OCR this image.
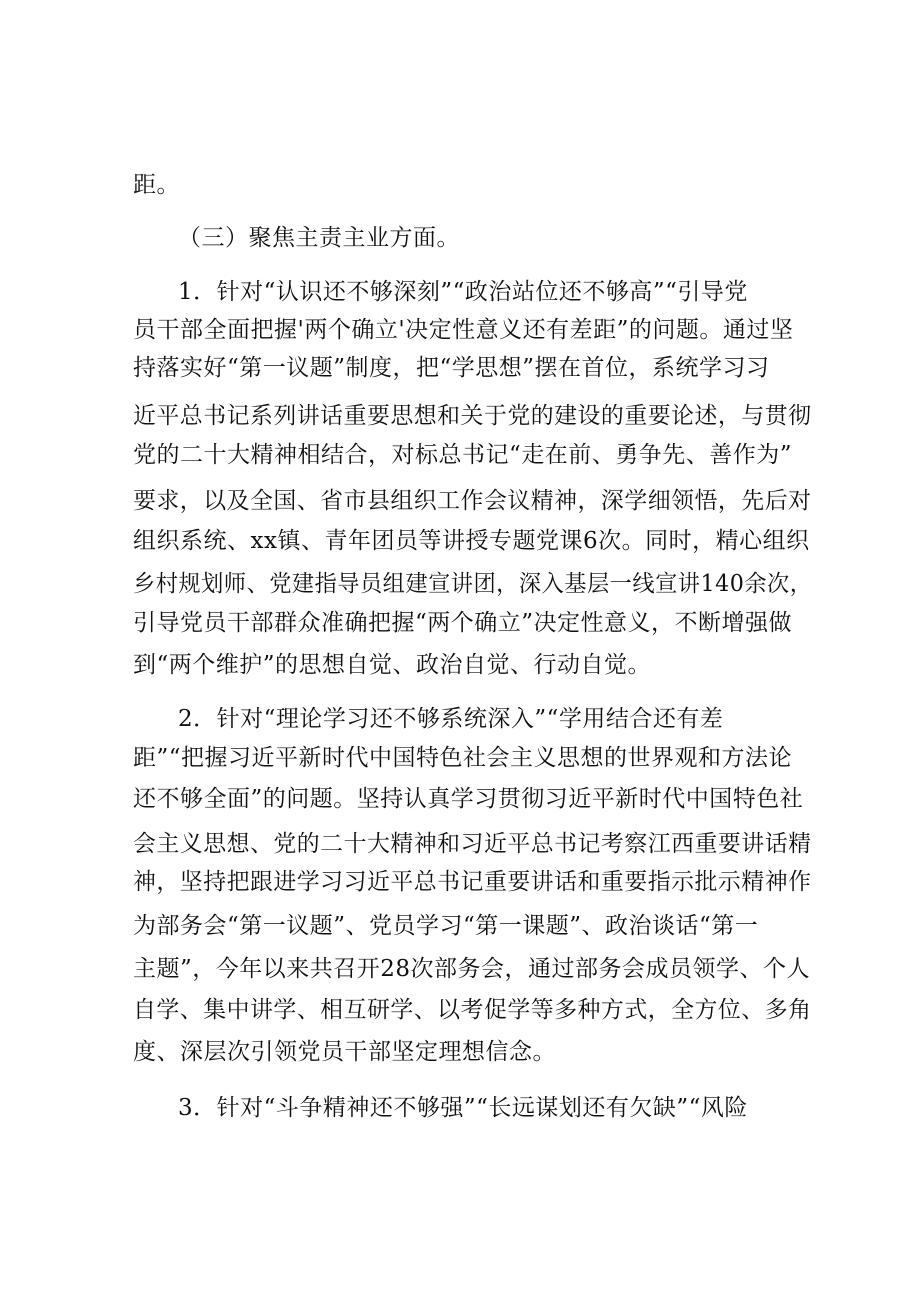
距。
（三）聚焦主责主业方面。
1．针对“认识还不够深刻”“政治站位还不够高”“引导党
员干部全面把握'两个确立'决定性意义还有差距”的问题。通过坚
持落实好“第一议题”制度，把“学思想”摆在首位，系统学习习
近平总书记系列讲话重要思想和关于党的建设的重要论述，与贯彻
党的二十大精神相结合，对标总书记“走在前、勇争先、善作为”
要求，以及全国、省市县组织工作会议精神，深学细领悟，先后对
组织系统、xx镇、青年团员等讲授专题党课6次。同时，精心组织
乡村规划师、党建指导员组建宣讲团，深入基层一线宣讲140余次，
引导党员干部群众准确把握“两个确立”决定性意义，不断增强做
到“两个维护”的思想自觉、政治自觉、行动自觉。
2．针对“理论学习还不够系统深入”“学用结合还有差
距”“把握习近平新时代中国特色社会主义思想的世界观和方法论
还不够全面”的问题。坚持认真学习贯彻习近平新时代中国特色社
会主义思想、党的二十大精神和习近平总书记考察江西重要讲话精
神，坚持把跟进学习习近平总书记重要讲话和重要指示批示精神作
为部务会“第一议题”、党员学习“第一课题”、政治谈话“第一
主题”，今年以来共召开28次部务会，通过部务会成员领学、个人
自学、集中讲学、相互研学、以考促学等多种方式，全方位、多角
度、深层次引领党员干部坚定理想信念。
3．针对“斗争精神还不够强”“长远谋划还有欠缺”“风险
